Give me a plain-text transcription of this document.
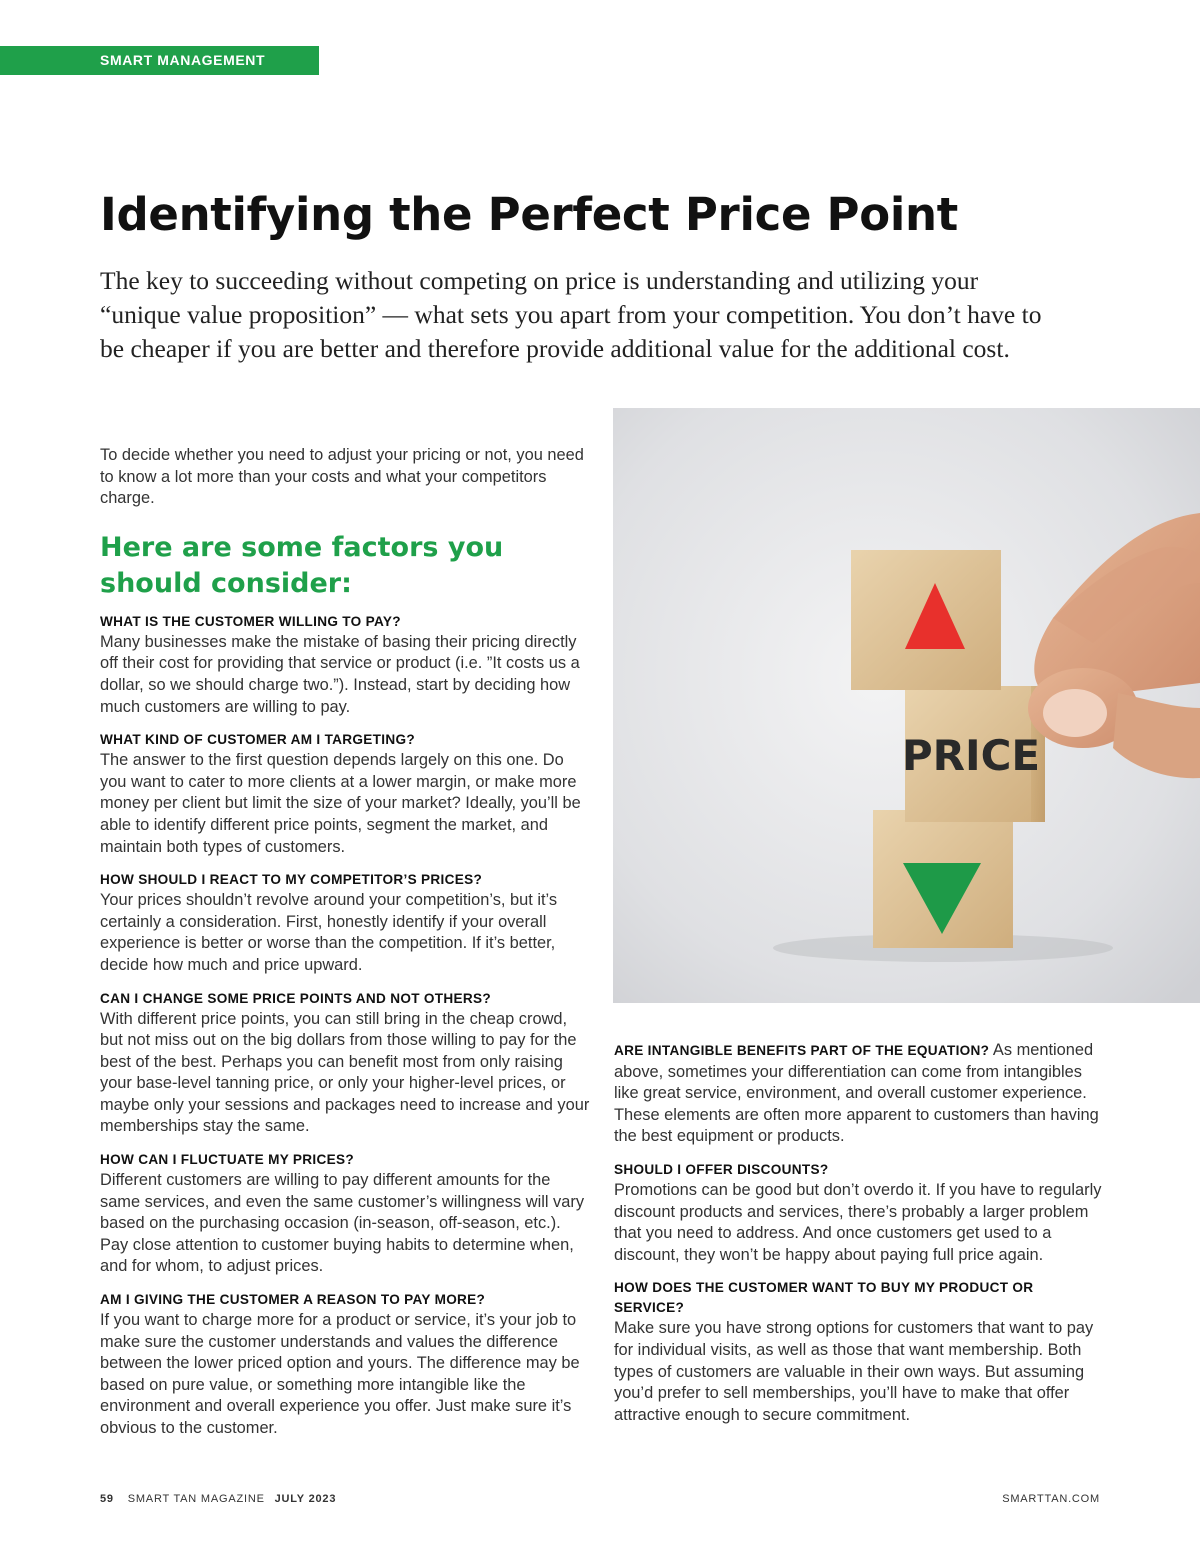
SMART MANAGEMENT
Identifying the Perfect Price Point

The key to succeeding without competing on price is understanding and utilizing your “unique value proposition” — what sets you apart from your competition. You don’t have to be cheaper if you are better and therefore provide additional value for the additional cost.

To decide whether you need to adjust your pricing or not, you need to know a lot more than your costs and what your competitors charge.

Here are some factors you should consider:
WHAT IS THE CUSTOMER WILLING TO PAY?
Many businesses make the mistake of basing their pricing directly off their cost for providing that service or product (i.e. ”It costs us a dollar, so we should charge two.”). Instead, start by deciding how much customers are willing to pay.
WHAT KIND OF CUSTOMER AM I TARGETING?
The answer to the first question depends largely on this one. Do you want to cater to more clients at a lower margin, or make more money per client but limit the size of your market? Ideally, you’ll be able to identify different price points, segment the market, and maintain both types of customers.
HOW SHOULD I REACT TO MY COMPETITOR’S PRICES?
Your prices shouldn’t revolve around your competition’s, but it’s certainly a consideration. First, honestly identify if your overall experience is better or worse than the competition. If it’s better, decide how much and price upward.
CAN I CHANGE SOME PRICE POINTS AND NOT OTHERS?
With different price points, you can still bring in the cheap crowd, but not miss out on the big dollars from those willing to pay for the best of the best. Perhaps you can benefit most from only raising your base-level tanning price, or only your higher-level prices, or maybe only your sessions and packages need to increase and your memberships stay the same.
HOW CAN I FLUCTUATE MY PRICES?
Different customers are willing to pay different amounts for the same services, and even the same customer’s willingness will vary based on the purchasing occasion (in-season, off-season, etc.). Pay close attention to customer buying habits to determine when, and for whom, to adjust prices.
AM I GIVING THE CUSTOMER A REASON TO PAY MORE?
If you want to charge more for a product or service, it’s your job to make sure the customer understands and values the difference between the lower priced option and yours. The difference may be based on pure value, or something more intangible like the environment and overall experience you offer. Just make sure it’s obvious to the customer.
PRICE
ARE INTANGIBLE BENEFITS PART OF THE EQUATION? As mentioned above, sometimes your differentiation can come from intangibles like great service, environment, and overall customer experience. These elements are often more apparent to customers than having the best equipment or products.
SHOULD I OFFER DISCOUNTS?
Promotions can be good but don’t overdo it. If you have to regularly discount products and services, there’s probably a larger problem that you need to address. And once customers get used to a discount, they won’t be happy about paying full price again.
HOW DOES THE CUSTOMER WANT TO BUY MY PRODUCT OR SERVICE?
Make sure you have strong options for customers that want to pay for individual visits, as well as those that want membership. Both types of customers are valuable in their own ways. But assuming you’d prefer to sell memberships, you’ll have to make that offer attractive enough to secure commitment.
59 SMART TAN MAGAZINE JULY 2023	SMARTTAN.COM
